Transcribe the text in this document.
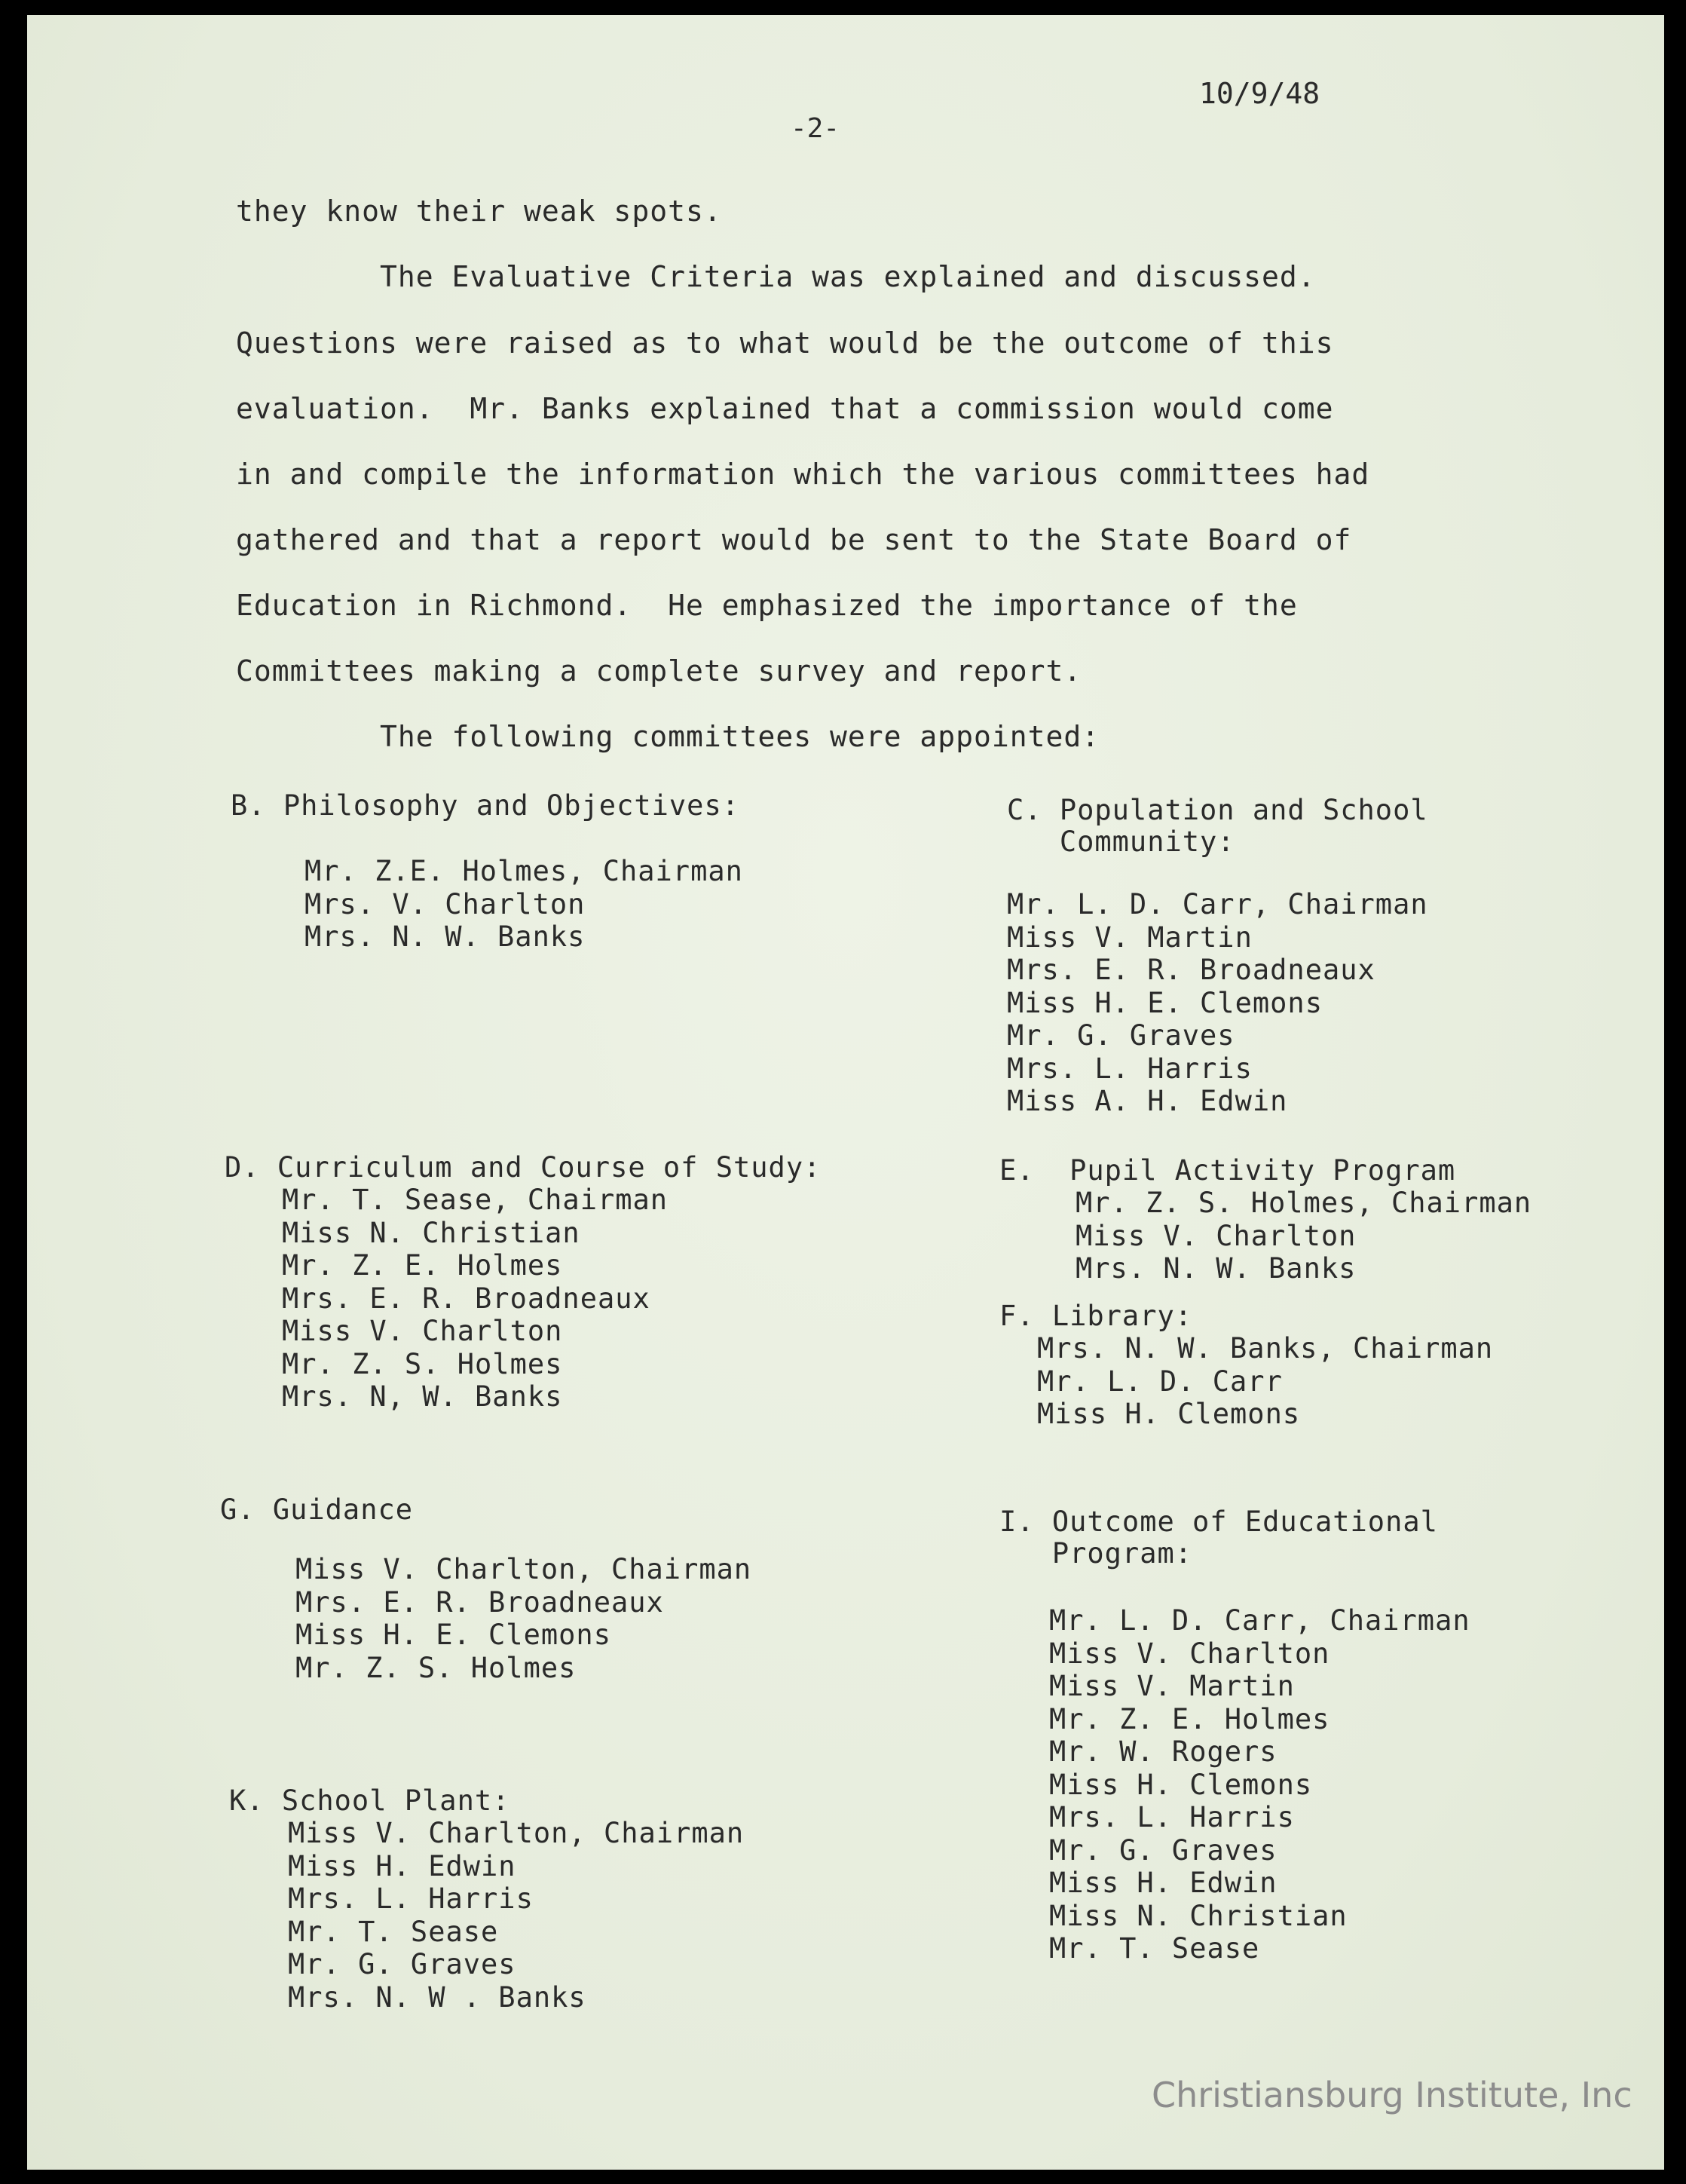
-2-
10/9/48
they know their weak spots.
The Evaluative Criteria was explained and discussed.
Questions were raised as to what would be the outcome of this
evaluation.  Mr. Banks explained that a commission would come
in and compile the information which the various committees had
gathered and that a report would be sent to the State Board of
Education in Richmond.  He emphasized the importance of the
Committees making a complete survey and report.
The following committees were appointed:
B. Philosophy and Objectives:
Mr. Z.E. Holmes, Chairman
Mrs. V. Charlton
Mrs. N. W. Banks
C. Population and School
Community:
Mr. L. D. Carr, Chairman
Miss V. Martin
Mrs. E. R. Broadneaux
Miss H. E. Clemons
Mr. G. Graves
Mrs. L. Harris
Miss A. H. Edwin
D. Curriculum and Course of Study:
Mr. T. Sease, Chairman
Miss N. Christian
Mr. Z. E. Holmes
Mrs. E. R. Broadneaux
Miss V. Charlton
Mr. Z. S. Holmes
Mrs. N, W. Banks
E.  Pupil Activity Program
Mr. Z. S. Holmes, Chairman
Miss V. Charlton
Mrs. N. W. Banks
F. Library:
Mrs. N. W. Banks, Chairman
Mr. L. D. Carr
Miss H. Clemons
G. Guidance
Miss V. Charlton, Chairman
Mrs. E. R. Broadneaux
Miss H. E. Clemons
Mr. Z. S. Holmes
I. Outcome of Educational
Program:
Mr. L. D. Carr, Chairman
Miss V. Charlton
Miss V. Martin
Mr. Z. E. Holmes
Mr. W. Rogers
Miss H. Clemons
Mrs. L. Harris
Mr. G. Graves
Miss H. Edwin
Miss N. Christian
Mr. T. Sease
K. School Plant:
Miss V. Charlton, Chairman
Miss H. Edwin
Mrs. L. Harris
Mr. T. Sease
Mr. G. Graves
Mrs. N. W . Banks
Christiansburg Institute, Inc
